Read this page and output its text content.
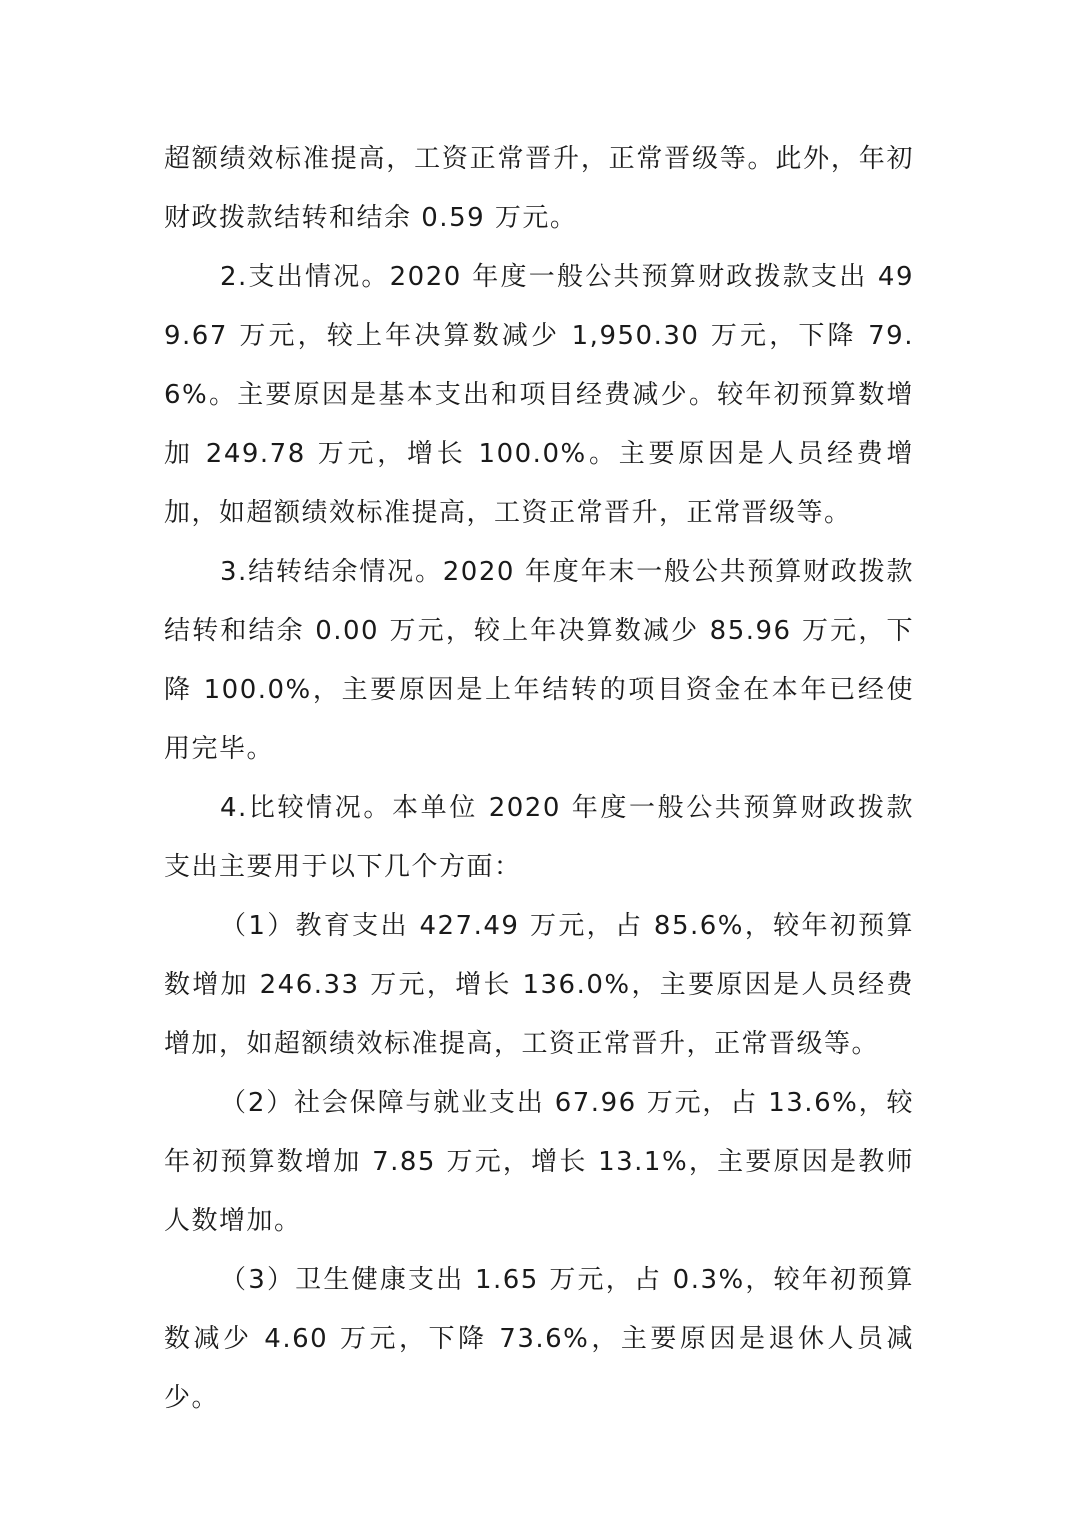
超额绩效标准提高，工资正常晋升，正常晋级等。此外，年初财政拨款结转和结余 0.59 万元。

2.支出情况。2020 年度一般公共预算财政拨款支出 499.67 万元，较上年决算数减少 1,950.30 万元，下降 79.6%。主要原因是基本支出和项目经费减少。较年初预算数增加 249.78 万元，增长 100.0%。主要原因是人员经费增加，如超额绩效标准提高，工资正常晋升，正常晋级等。

3.结转结余情况。2020 年度年末一般公共预算财政拨款结转和结余 0.00 万元，较上年决算数减少 85.96 万元，下降 100.0%，主要原因是上年结转的项目资金在本年已经使用完毕。

4.比较情况。本单位 2020 年度一般公共预算财政拨款支出主要用于以下几个方面：

（1）教育支出 427.49 万元，占 85.6%，较年初预算数增加 246.33 万元，增长 136.0%，主要原因是人员经费增加，如超额绩效标准提高，工资正常晋升，正常晋级等。

（2）社会保障与就业支出 67.96 万元，占 13.6%，较年初预算数增加 7.85 万元，增长 13.1%，主要原因是教师人数增加。

（3）卫生健康支出 1.65 万元，占 0.3%，较年初预算数减少 4.60 万元，下降 73.6%，主要原因是退休人员减少。
